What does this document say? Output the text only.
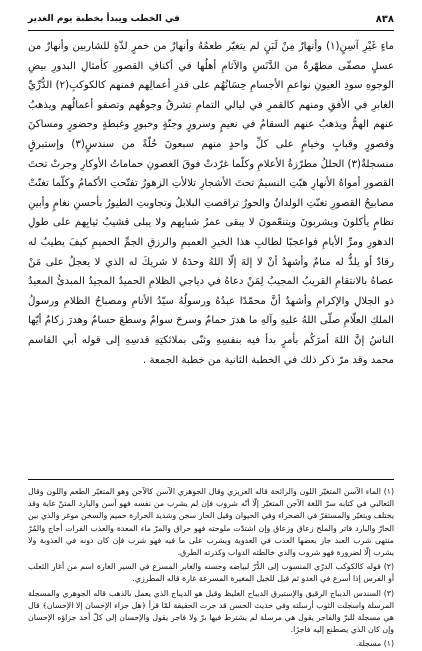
٨٣٨
في الخطب ويبدأ بخطبة يوم الغدير

ماءٍ غَيْرِ آسِنٍ(١) وأنهارٌ مِنْ لَبَنٍ لم يتغيّر طعمُهُ وأنهارٌ من خمرٍ لذّةٍ للشاربين وأنهارٌ من عسلٍ مصفّى مطهّرةٌ من الدَّنَسِ والآثامِ أهلُها في أكنافِ القصورِ كأمثالِ البدورِ بيضِ الوجوهِ سودِ العيونِ نواعمِ الأجسامِ حِسَانُهُم على قدرِ أعمالِهم فمنهم كالكوكبِ(٢) الدُّرِّيِّ الغابرِ في الأفقِ ومنهم كالقمرِ في ليالي التمامِ تشرقُ وجوهُهم وتصفو أعمالُهم ويذهبُ عنهم الهمُّ ويذهبُ عنهم السقامُ في نعيمٍ وسرورٍ وجنّةٍ وحبورٍ وغبطةٍ وحضورٍ ومساكنَ وقصورٍ وقبابٍ وخيامٍ على كلِّ واحدٍ منهم سبعونَ حُلّةً من سندسٍ(٣) وإستبرقٍ منسجلةٌ(٣) الحللُ مطرّزةُ الأعلامِ وكلّما غرّدتْ فوقَ الغصونِ حماماتُ الأوكارِ وجرتْ تحتَ القصورِ أمواهُ الأنهارِ هبّتِ النسيمُ تحتَ الأشجارِ تلالأتِ الزهورُ تفتّحتِ الأكمامُ وكلّما تغنّتْ مصابيحُ القصورِ تغنّتِ الولدانُ والحورُ تراقصتِ البلابلُ وتجاوبتِ الطيورُ بأحسنِ نغامٍ وأبينِ نظامٍ يأكلونَ ويشربونَ ويتنعّمونَ لا يبقى عمرُ شبابِهم ولا يبلى قشيبُ ثيابِهم على طولِ الدهورِ ومرِّ الأيامِ فواعجبًا لطالبِ هذا الخيرِ العميمِ والرزقِ الجمِّ الحميمِ كيفَ يطيبُ له رقادٌ أو يلذُّ له منامٌ وأشهدُ أنْ لا إلهَ إلّا اللهُ وحدَهُ لا شريكَ له الذي لا يعجلُ على مَنْ عصاهُ بالانتقامِ القريبُ المجيبُ لِمَنْ دعاهُ في دياجي الظلامِ الحميدُ المجيدُ المبدئُ المعيدُ ذو الجلالِ والإكرامِ وأشهدُ أنَّ محمّدًا عبدُهُ ورسولُهُ سيّدُ الأنامِ ومصباحُ الظلامِ ورسولُ الملكِ العلّامِ صلّى اللهُ عليهِ وآلهِ ما هدرَ حمامٌ وسرحَ سوامٌ وسطعَ حسامٌ وهدرَ زكامٌ أيّها الناسُ إنَّ اللهَ أمرَكُم بأمرٍ بدأ فيه بنفسِهِ وثنّى بملائكتِهِ قدسِهِ إلى قوله أبي القاسم محمد وقد مرّ ذكر ذلك في الخطبة الثانية من خطبة الجمعة .

(١) الماء الآسن المتغيّر اللون والرائحة قاله العزيزي وقال الجوهري الآسن كالآجن وهو المتغيّر الطعم واللون وقال الثعالبي في كتابه سرّ اللغة الآجن المتغيّر إلّا أنّه شروب فإن لم يشرب من نفسه فهو آسن والبارد المتنّ غاية وقد يختلف ويتغيّر والمستقرّ في الصحراء وفي الحيوان وقيل الحار سخن وشديد الحرارة حميم والسخن موغر والذي بين الحارّ والبارد فاتر والملح زعاق وزعاق وإن اشتدّت ملوحته فهو حراق والمرّ ماء المعدة والعذب الفرات أجاج والمُرّ منتهى شرب العبد جاز بعضها العذب في العدوية ويشرب على ما فيه فهو شرب فإن كان دونه في العذوبة ولا يشرب إلّا لضرورة فهو شروب والذي خالطته الدواب وكدرته الطرق.

(٢) قوله كالكوكب الدرّي المنسوب إلى الدُّرّ لبياضه وحسنه والغابر المسرع في السير الغارة اسم من أغار الثعلب أو الفرس إذا أسرع في العدو ثم قيل للخيل المغيرة المسرعة غارة قاله المطرزي.

(٣) السندس الديباج الرقيق والإستبرق الديباج الغليظ وقيل هو الديباج الذي يعمل بالذهب قاله الجوهري والمسجلة المرسلة واسجلت الثوب أرسلته وفي حديث الحسن قد جرت الحقيقة لمّا قرأ ﴿هل جزاء الإحسان إلا الإحسان﴾ قال هي مسجلة للبرّ والفاجر يقول هي مرسلة لم يشترط فيها برّ ولا فاجر يقول والإحسان إلى كلّ أحد جزاؤه الإحسان وإن كان الذي يصطنع إليه فاجرًا.

(١) مسجلة.
